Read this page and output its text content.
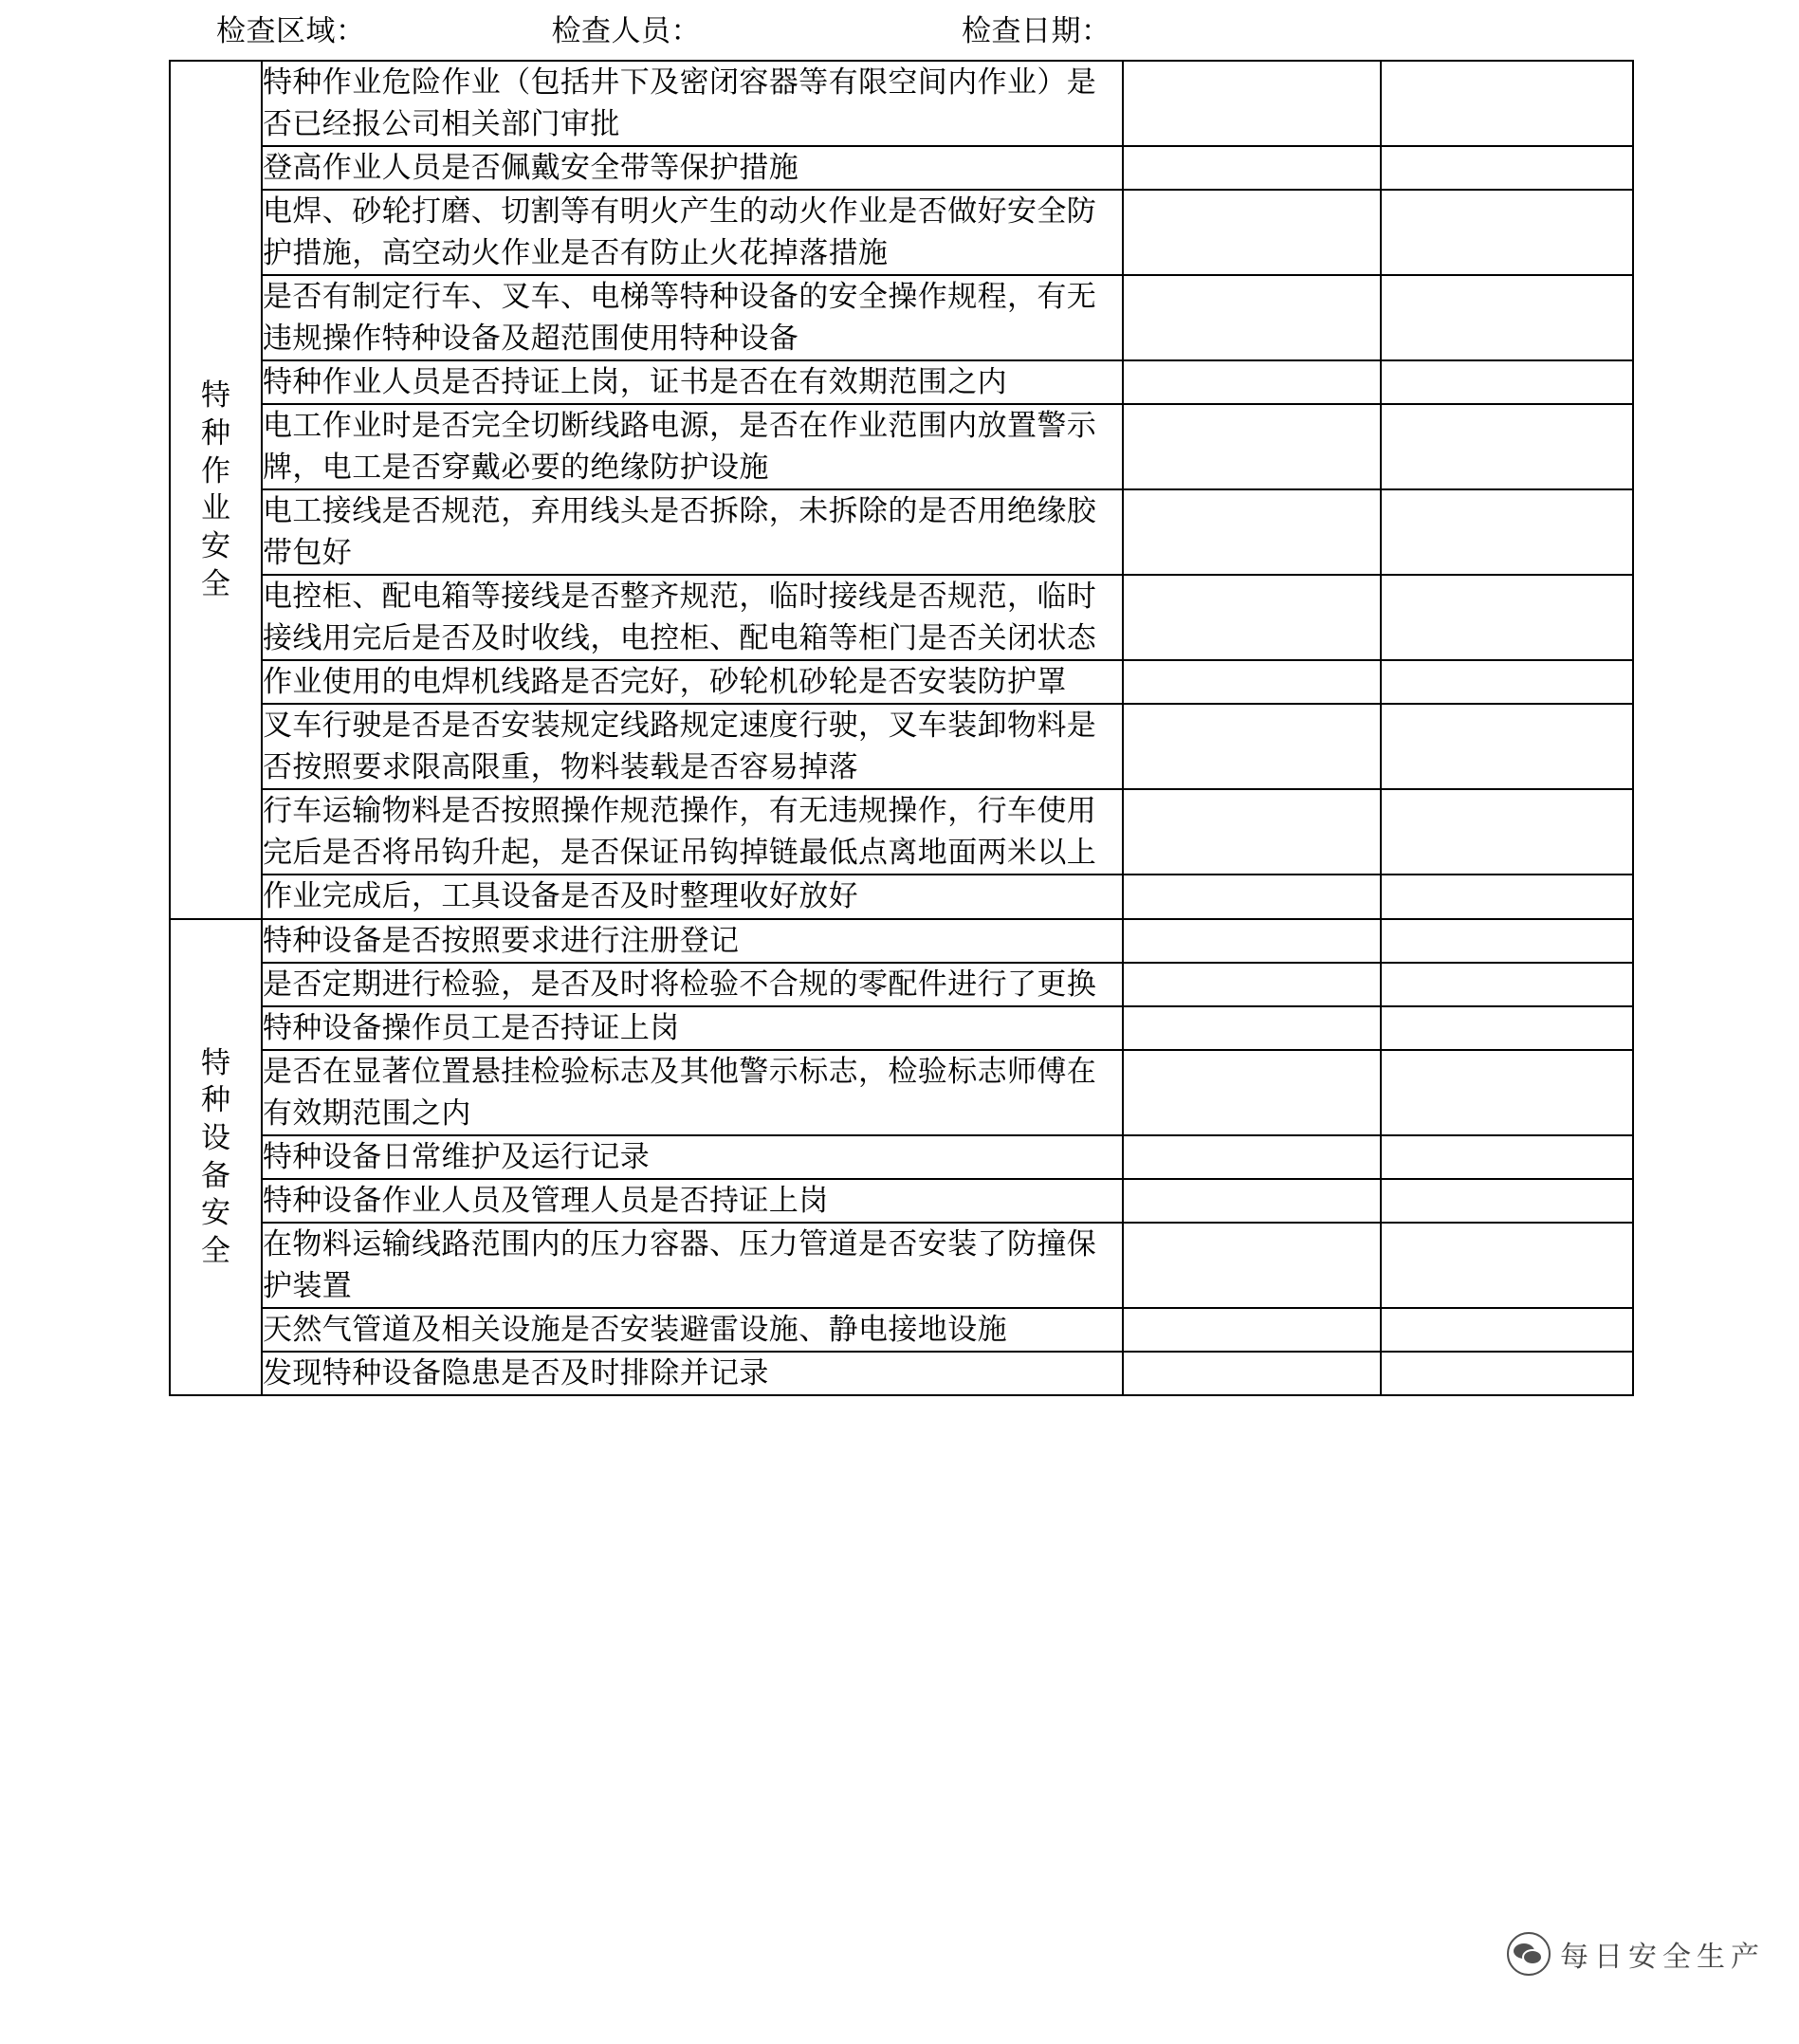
检查区域：	检查人员：	检查日期：
特种作业安全	特种作业危险作业（包括井下及密闭容器等有限空间内作业）是否已经报公司相关部门审批		
	登高作业人员是否佩戴安全带等保护措施		
	电焊、砂轮打磨、切割等有明火产生的动火作业是否做好安全防护措施，高空动火作业是否有防止火花掉落措施		
	是否有制定行车、叉车、电梯等特种设备的安全操作规程，有无违规操作特种设备及超范围使用特种设备		
	特种作业人员是否持证上岗，证书是否在有效期范围之内		
	电工作业时是否完全切断线路电源，是否在作业范围内放置警示牌，电工是否穿戴必要的绝缘防护设施		
	电工接线是否规范，弃用线头是否拆除，未拆除的是否用绝缘胶带包好		
	电控柜、配电箱等接线是否整齐规范，临时接线是否规范，临时接线用完后是否及时收线，电控柜、配电箱等柜门是否关闭状态		
	作业使用的电焊机线路是否完好，砂轮机砂轮是否安装防护罩		
	叉车行驶是否是否安装规定线路规定速度行驶，叉车装卸物料是否按照要求限高限重，物料装载是否容易掉落		
	行车运输物料是否按照操作规范操作，有无违规操作，行车使用完后是否将吊钩升起，是否保证吊钩掉链最低点离地面两米以上		
	作业完成后，工具设备是否及时整理收好放好		

特种设备安全	特种设备是否按照要求进行注册登记		
	是否定期进行检验，是否及时将检验不合规的零配件进行了更换		
	特种设备操作员工是否持证上岗		
	是否在显著位置悬挂检验标志及其他警示标志，检验标志师傅在有效期范围之内		
	特种设备日常维护及运行记录		
	特种设备作业人员及管理人员是否持证上岗		
	在物料运输线路范围内的压力容器、压力管道是否安装了防撞保护装置		
	天然气管道及相关设施是否安装避雷设施、静电接地设施		
	发现特种设备隐患是否及时排除并记录		
每日安全生产
